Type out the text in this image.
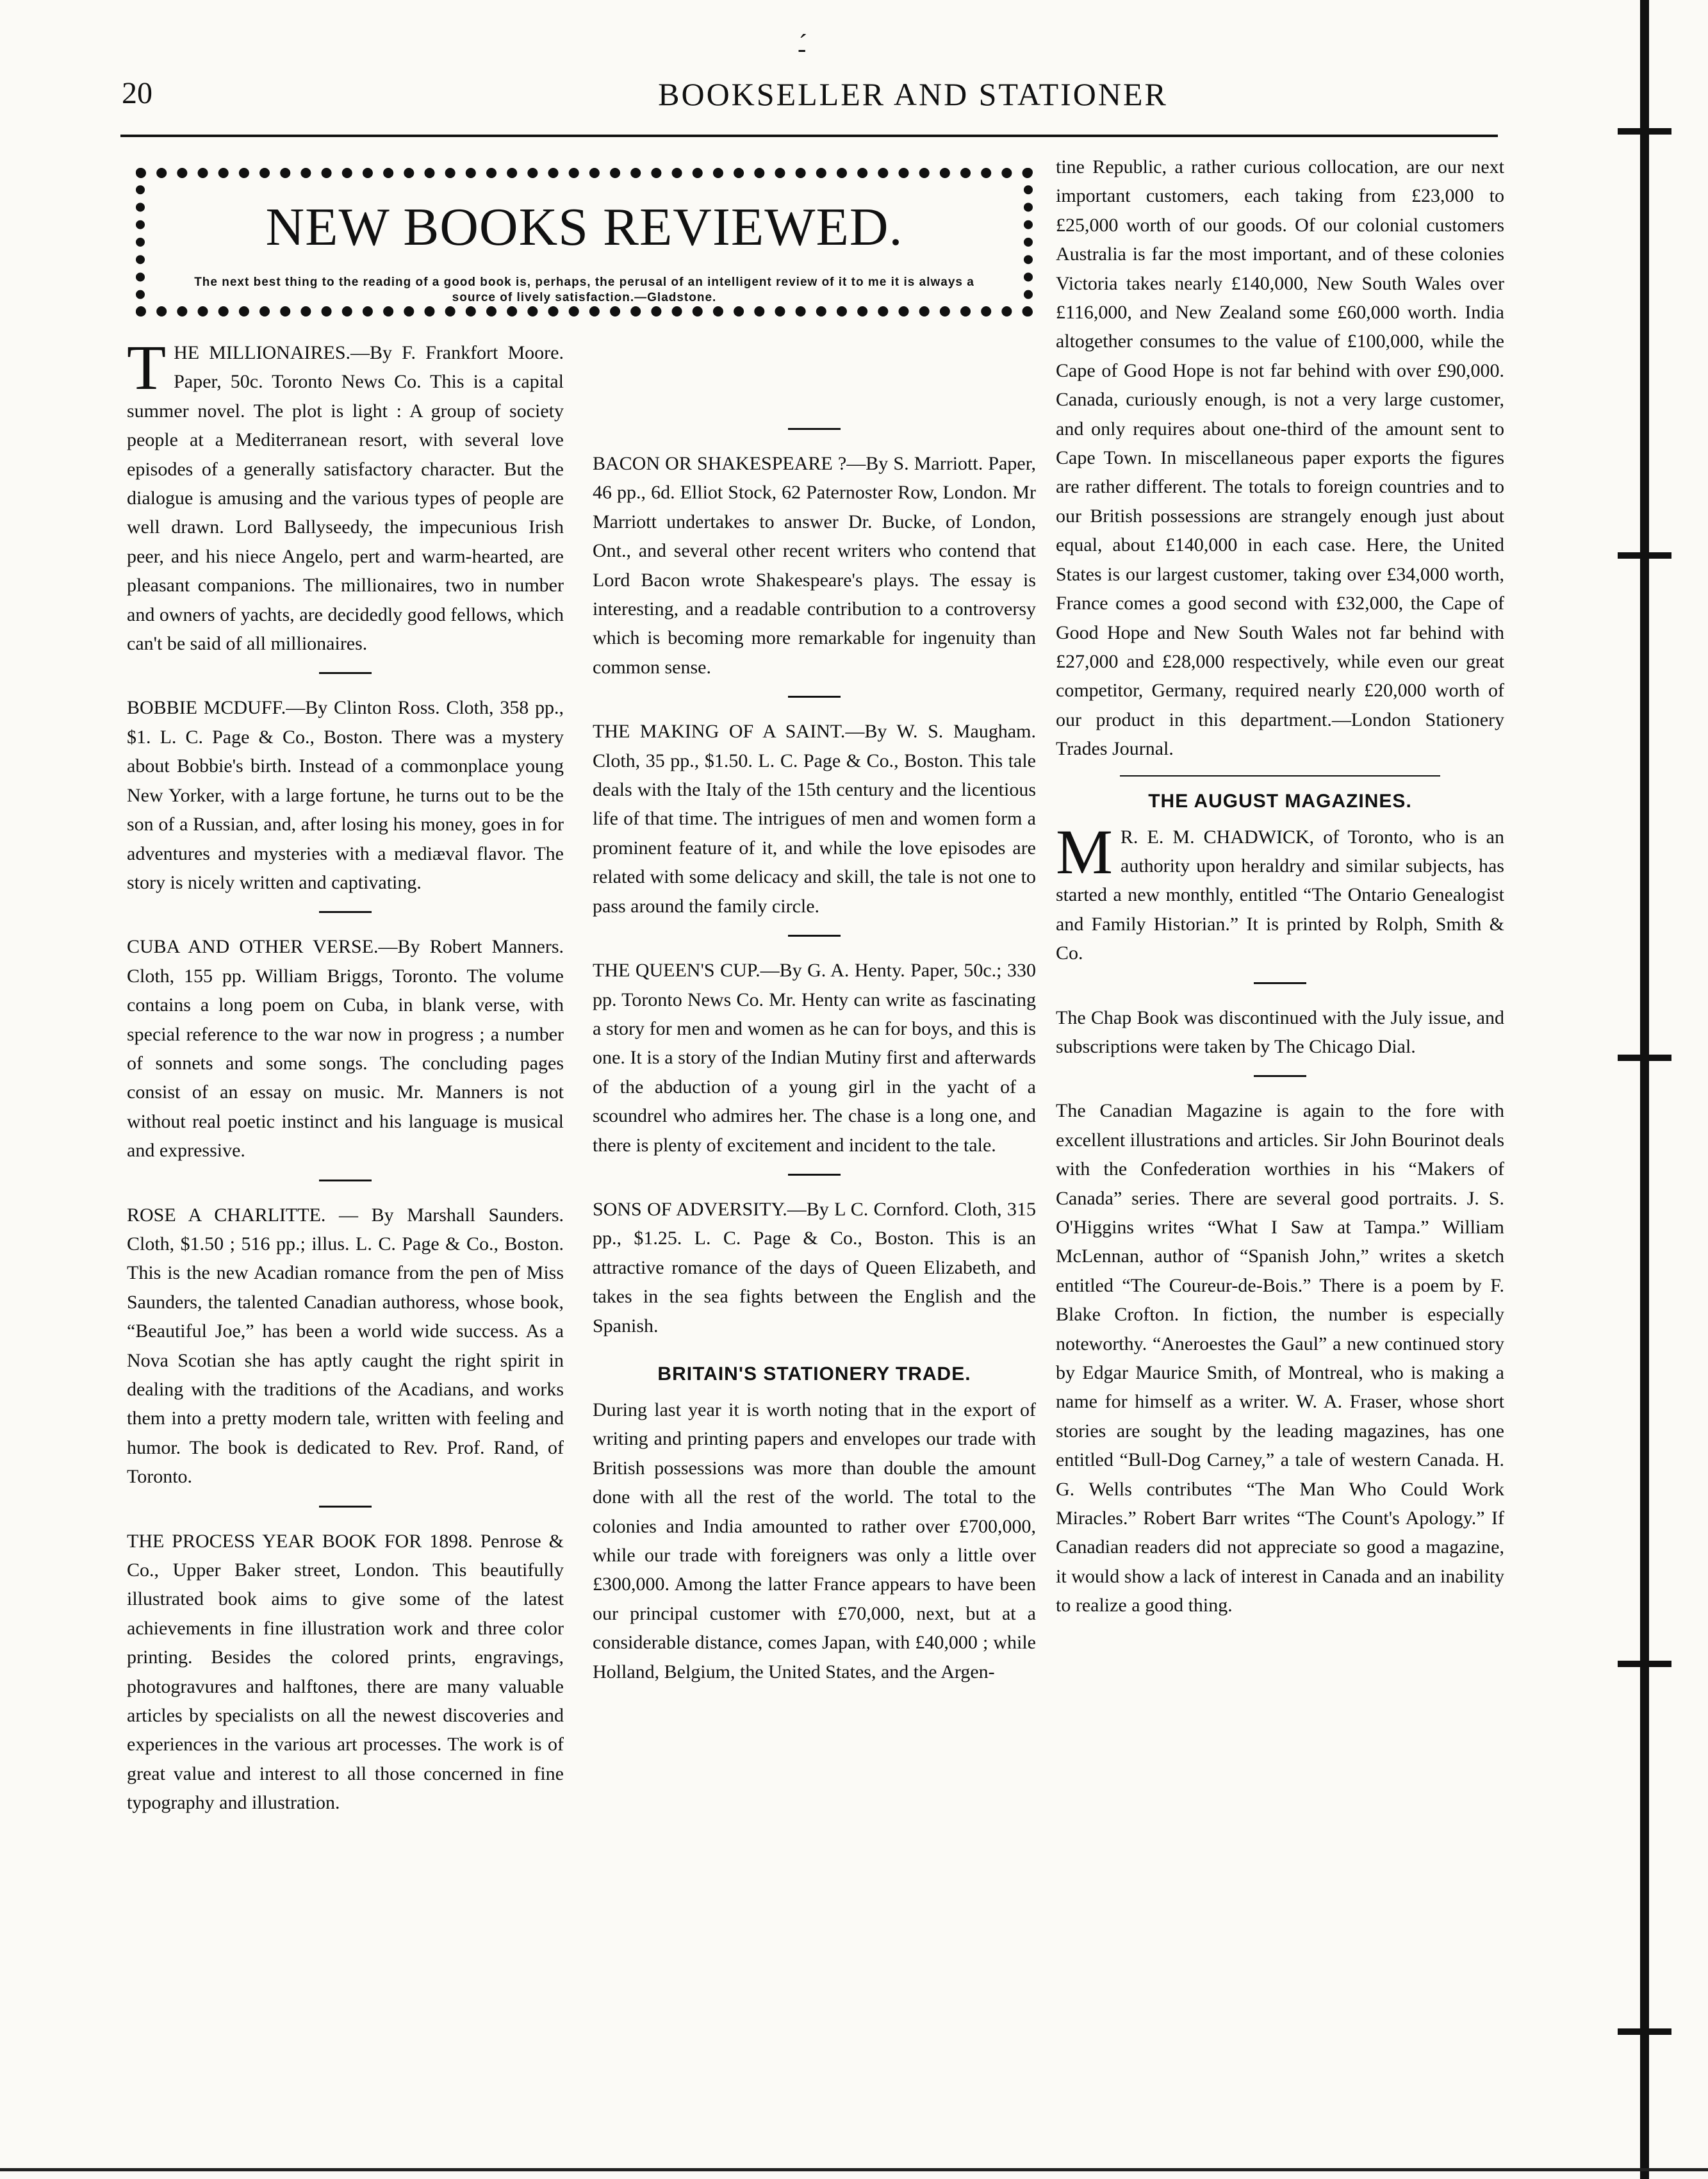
-́
20	BOOKSELLER AND STATIONER
NEW BOOKS REVIEWED.
The next best thing to the reading of a good book is, perhaps, the perusal of an intelligent review of it to me it is always a source of lively satisfaction.—Gladstone.

THE MILLIONAIRES.—By F. Frankfort Moore. Paper, 50c. Toronto News Co. This is a capital summer novel. The plot is light : A group of society people at a Mediterranean resort, with several love episodes of a generally satisfactory character. But the dialogue is amusing and the various types of people are well drawn. Lord Ballyseedy, the impecunious Irish peer, and his niece Angelo, pert and warm-hearted, are pleasant companions. The millionaires, two in number and owners of yachts, are decidedly good fellows, which can't be said of all millionaires.

BOBBIE MCDUFF.—By Clinton Ross. Cloth, 358 pp., $1. L. C. Page & Co., Boston. There was a mystery about Bobbie's birth. Instead of a commonplace young New Yorker, with a large fortune, he turns out to be the son of a Russian, and, after losing his money, goes in for adventures and mysteries with a mediæval flavor. The story is nicely written and captivating.

CUBA AND OTHER VERSE.—By Robert Manners. Cloth, 155 pp. William Briggs, Toronto. The volume contains a long poem on Cuba, in blank verse, with special reference to the war now in progress ; a number of sonnets and some songs. The concluding pages consist of an essay on music. Mr. Manners is not without real poetic instinct and his language is musical and expressive.

ROSE A CHARLITTE. — By Marshall Saunders. Cloth, $1.50 ; 516 pp.; illus. L. C. Page & Co., Boston. This is the new Acadian romance from the pen of Miss Saunders, the talented Canadian authoress, whose book, “Beautiful Joe,” has been a world wide success. As a Nova Scotian she has aptly caught the right spirit in dealing with the traditions of the Acadians, and works them into a pretty modern tale, written with feeling and humor. The book is dedicated to Rev. Prof. Rand, of Toronto.

THE PROCESS YEAR BOOK FOR 1898. Penrose & Co., Upper Baker street, London. This beautifully illustrated book aims to give some of the latest achievements in fine illustration work and three color printing. Besides the colored prints, engravings, photogravures and halftones, there are many valuable articles by specialists on all the newest discoveries and experiences in the various art processes. The work is of great value and interest to all those concerned in fine typography and illustration.

BACON OR SHAKESPEARE ?—By S. Marriott. Paper, 46 pp., 6d. Elliot Stock, 62 Paternoster Row, London. Mr Marriott undertakes to answer Dr. Bucke, of London, Ont., and several other recent writers who contend that Lord Bacon wrote Shakespeare's plays. The essay is interesting, and a readable contribution to a controversy which is becoming more remarkable for ingenuity than common sense.

THE MAKING OF A SAINT.—By W. S. Maugham. Cloth, 35 pp., $1.50. L. C. Page & Co., Boston. This tale deals with the Italy of the 15th century and the licentious life of that time. The intrigues of men and women form a prominent feature of it, and while the love episodes are related with some delicacy and skill, the tale is not one to pass around the family circle.

THE QUEEN'S CUP.—By G. A. Henty. Paper, 50c.; 330 pp. Toronto News Co. Mr. Henty can write as fascinating a story for men and women as he can for boys, and this is one. It is a story of the Indian Mutiny first and afterwards of the abduction of a young girl in the yacht of a scoundrel who admires her. The chase is a long one, and there is plenty of excitement and incident to the tale.

SONS OF ADVERSITY.—By L C. Cornford. Cloth, 315 pp., $1.25. L. C. Page & Co., Boston. This is an attractive romance of the days of Queen Elizabeth, and takes in the sea fights between the English and the Spanish.

BRITAIN'S STATIONERY TRADE.

During last year it is worth noting that in the export of writing and printing papers and envelopes our trade with British possessions was more than double the amount done with all the rest of the world. The total to the colonies and India amounted to rather over £700,000, while our trade with foreigners was only a little over £300,000. Among the latter France appears to have been our principal customer with £70,000, next, but at a considerable distance, comes Japan, with £40,000 ; while Holland, Belgium, the United States, and the Argen-

tine Republic, a rather curious collocation, are our next important customers, each taking from £23,000 to £25,000 worth of our goods. Of our colonial customers Australia is far the most important, and of these colonies Victoria takes nearly £140,000, New South Wales over £116,000, and New Zealand some £60,000 worth. India altogether consumes to the value of £100,000, while the Cape of Good Hope is not far behind with over £90,000. Canada, curiously enough, is not a very large customer, and only requires about one-third of the amount sent to Cape Town. In miscellaneous paper exports the figures are rather different. The totals to foreign countries and to our British possessions are strangely enough just about equal, about £140,000 in each case. Here, the United States is our largest customer, taking over £34,000 worth, France comes a good second with £32,000, the Cape of Good Hope and New South Wales not far behind with £27,000 and £28,000 respectively, while even our great competitor, Germany, required nearly £20,000 worth of our product in this department.—London Stationery Trades Journal.

THE AUGUST MAGAZINES.

M R. E. M. CHADWICK, of Toronto, who is an authority upon heraldry and similar subjects, has started a new monthly, entitled “The Ontario Genealogist and Family Historian.” It is printed by Rolph, Smith & Co.

The Chap Book was discontinued with the July issue, and subscriptions were taken by The Chicago Dial.

The Canadian Magazine is again to the fore with excellent illustrations and articles. Sir John Bourinot deals with the Confederation worthies in his “Makers of Canada” series. There are several good portraits. J. S. O'Higgins writes “What I Saw at Tampa.” William McLennan, author of “Spanish John,” writes a sketch entitled “The Coureur-de-Bois.” There is a poem by F. Blake Crofton. In fiction, the number is especially noteworthy. “Aneroestes the Gaul” a new continued story by Edgar Maurice Smith, of Montreal, who is making a name for himself as a writer. W. A. Fraser, whose short stories are sought by the leading magazines, has one entitled “Bull-Dog Carney,” a tale of western Canada. H. G. Wells contributes “The Man Who Could Work Miracles.” Robert Barr writes “The Count's Apology.” If Canadian readers did not appreciate so good a magazine, it would show a lack of interest in Canada and an inability to realize a good thing.
